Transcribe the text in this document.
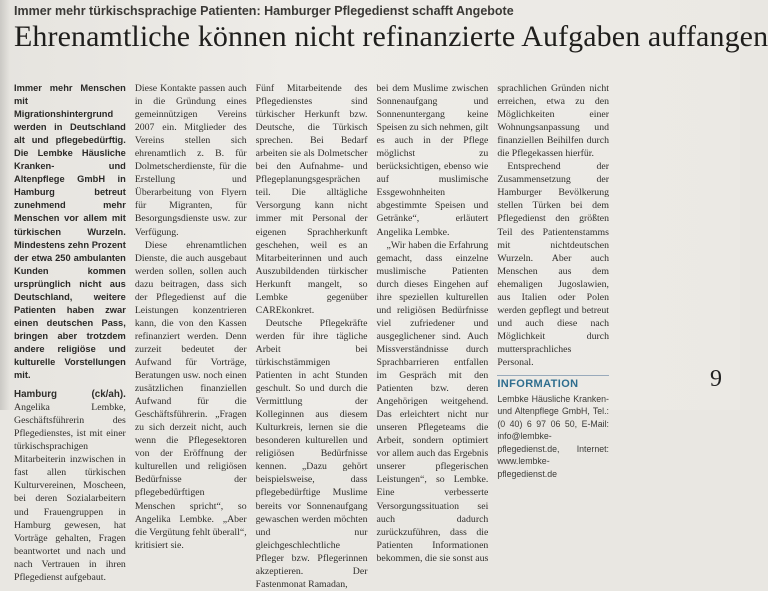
Immer mehr türkischsprachige Patienten: Hamburger Pflegedienst schafft Angebote
Ehrenamtliche können nicht refinanzierte Aufgaben auffangen

Immer mehr Menschen mit Migrationshintergrund werden in Deutschland alt und pflegebedürftig. Die Lembke Häusliche Kranken- und Altenpflege GmbH in Hamburg betreut zunehmend mehr Menschen vor allem mit türkischen Wurzeln. Mindestens zehn Prozent der etwa 250 ambulanten Kunden kommen ursprünglich nicht aus Deutschland, weitere Patienten haben zwar einen deutschen Pass, bringen aber trotzdem andere religiöse und kulturelle Vorstellungen mit.

Hamburg (ck/ah). Angelika Lembke, Geschäftsführerin des Pflegedienstes, ist mit einer türkischsprachigen Mitarbeiterin inzwischen in fast allen türkischen Kulturvereinen, Moscheen, bei deren Sozialarbeitern und Frauengruppen in Hamburg gewesen, hat Vorträge gehalten, Fragen beantwortet und nach und nach Vertrauen in ihren Pflegedienst aufgebaut.

Diese Kontakte passen auch in die Gründung eines gemeinnützigen Vereins 2007 ein. Mitglieder des Vereins stellen sich ehrenamtlich z. B. für Dolmetscherdienste, für die Erstellung und Überarbeitung von Flyern für Migranten, für Besorgungsdienste usw. zur Verfügung.

Diese ehrenamtlichen Dienste, die auch ausgebaut werden sollen, sollen auch dazu beitragen, dass sich der Pflegedienst auf die Leistungen konzentrieren kann, die von den Kassen refinanziert werden. Denn zurzeit bedeutet der Aufwand für Vorträge, Beratungen usw. noch einen zusätzlichen finanziellen Aufwand für die Geschäftsführerin. „Fragen zu sich derzeit nicht, auch wenn die Pflegesektoren von der Eröffnung der kulturellen und religiösen Bedürfnisse der pflegebedürftigen Menschen spricht“, so Angelika Lembke. „Aber die Vergütung fehlt überall“, kritisiert sie.

Fünf Mitarbeitende des Pflegedienstes sind türkischer Herkunft bzw. Deutsche, die Türkisch sprechen. Bei Bedarf arbeiten sie als Dolmetscher bei den Aufnahme- und Pflegeplanungsgesprächen teil. Die alltägliche Versorgung kann nicht immer mit Personal der eigenen Sprachherkunft geschehen, weil es an Mitarbeiterinnen und auch Auszubildenden türkischer Herkunft mangelt, so Lembke gegenüber CAREkonkret.

Deutsche Pflegekräfte werden für ihre tägliche Arbeit bei türkischstämmigen Patienten in acht Stunden geschult. So und durch die Vermittlung der Kolleginnen aus diesem Kulturkreis, lernen sie die besonderen kulturellen und religiösen Bedürfnisse kennen. „Dazu gehört beispielsweise, dass pflegebedürftige Muslime bereits vor Sonnenaufgang gewaschen werden möchten und nur gleichgeschlechtliche Pfleger bzw. Pflegerinnen akzeptieren. Der Fastenmonat Ramadan,

bei dem Muslime zwischen Sonnenaufgang und Sonnenuntergang keine Speisen zu sich nehmen, gilt es auch in der Pflege möglichst zu berücksichtigen, ebenso wie auf muslimische Essgewohnheiten abgestimmte Speisen und Getränke“, erläutert Angelika Lembke.

„Wir haben die Erfahrung gemacht, dass einzelne muslimische Patienten durch dieses Eingehen auf ihre speziellen kulturellen und religiösen Bedürfnisse viel zufriedener und ausgeglichener sind. Auch Missverständnisse durch Sprachbarrieren entfallen im Gespräch mit den Patienten bzw. deren Angehörigen weitgehend. Das erleichtert nicht nur unseren Pflegeteams die Arbeit, sondern optimiert vor allem auch das Ergebnis unserer pflegerischen Leistungen“, so Lembke. Eine verbesserte Versorgungssituation sei auch dadurch zurückzuführen, dass die Patienten Informationen bekommen, die sie sonst aus

sprachlichen Gründen nicht erreichen, etwa zu den Möglichkeiten einer Wohnungsanpassung und finanziellen Beihilfen durch die Pflegekassen hierfür.

Entsprechend der Zusammensetzung der Hamburger Bevölkerung stellen Türken bei dem Pflegedienst den größten Teil des Patientenstamms mit nichtdeutschen Wurzeln. Aber auch Menschen aus dem ehemaligen Jugoslawien, aus Italien oder Polen werden gepflegt und betreut und auch diese nach Möglichkeit durch muttersprachliches Personal.

INFORMATION
Lembke Häusliche Kranken- und Altenpflege GmbH, Tel.: (0 40) 6 97 06 50, E-Mail: info@lembke-pflegedienst.de, Internet: www.lembke-pflegedienst.de
9
